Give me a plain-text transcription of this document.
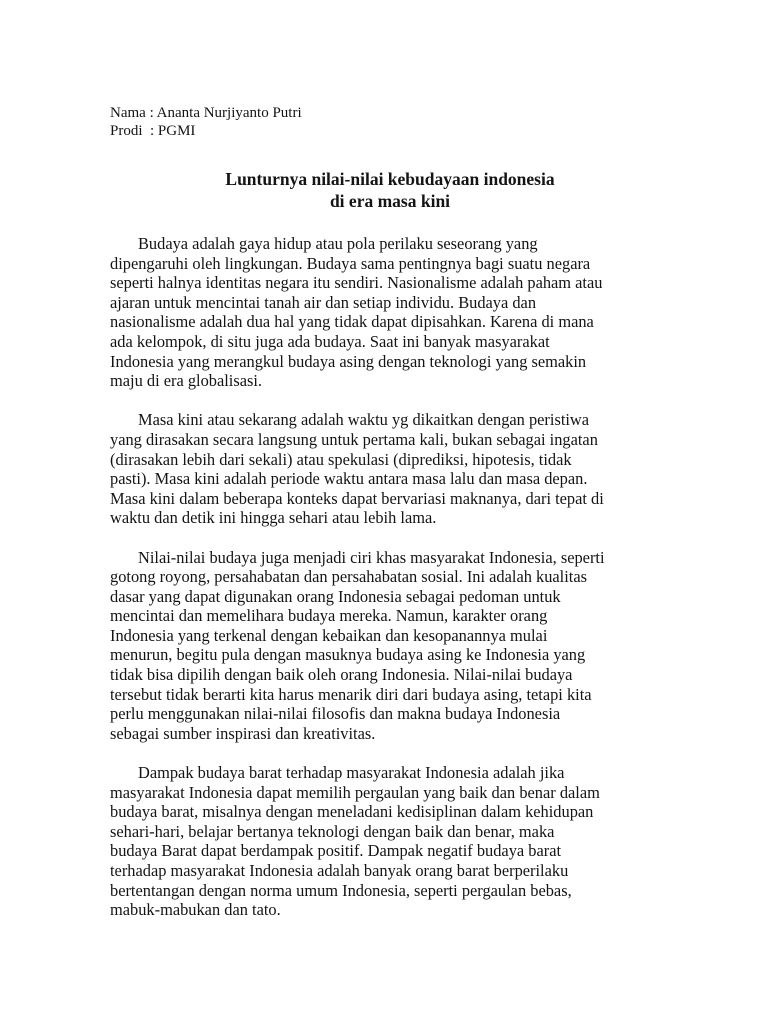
Nama : Ananta Nurjiyanto Putri
Prodi  : PGMI
Lunturnya nilai-nilai kebudayaan indonesia
di era masa kini
Budaya adalah gaya hidup atau pola perilaku seseorang yang
dipengaruhi oleh lingkungan. Budaya sama pentingnya bagi suatu negara
seperti halnya identitas negara itu sendiri. Nasionalisme adalah paham atau
ajaran untuk mencintai tanah air dan setiap individu. Budaya dan
nasionalisme adalah dua hal yang tidak dapat dipisahkan. Karena di mana
ada kelompok, di situ juga ada budaya. Saat ini banyak masyarakat
Indonesia yang merangkul budaya asing dengan teknologi yang semakin
maju di era globalisasi.
Masa kini atau sekarang adalah waktu yg dikaitkan dengan peristiwa
yang dirasakan secara langsung untuk pertama kali, bukan sebagai ingatan
(dirasakan lebih dari sekali) atau spekulasi (diprediksi, hipotesis, tidak
pasti). Masa kini adalah periode waktu antara masa lalu dan masa depan.
Masa kini dalam beberapa konteks dapat bervariasi maknanya, dari tepat di
waktu dan detik ini hingga sehari atau lebih lama.
Nilai-nilai budaya juga menjadi ciri khas masyarakat Indonesia, seperti
gotong royong, persahabatan dan persahabatan sosial. Ini adalah kualitas
dasar yang dapat digunakan orang Indonesia sebagai pedoman untuk
mencintai dan memelihara budaya mereka. Namun, karakter orang
Indonesia yang terkenal dengan kebaikan dan kesopanannya mulai
menurun, begitu pula dengan masuknya budaya asing ke Indonesia yang
tidak bisa dipilih dengan baik oleh orang Indonesia. Nilai-nilai budaya
tersebut tidak berarti kita harus menarik diri dari budaya asing, tetapi kita
perlu menggunakan nilai-nilai filosofis dan makna budaya Indonesia
sebagai sumber inspirasi dan kreativitas.
Dampak budaya barat terhadap masyarakat Indonesia adalah jika
masyarakat Indonesia dapat memilih pergaulan yang baik dan benar dalam
budaya barat, misalnya dengan meneladani kedisiplinan dalam kehidupan
sehari-hari, belajar bertanya teknologi dengan baik dan benar, maka
budaya Barat dapat berdampak positif. Dampak negatif budaya barat
terhadap masyarakat Indonesia adalah banyak orang barat berperilaku
bertentangan dengan norma umum Indonesia, seperti pergaulan bebas,
mabuk-mabukan dan tato.
